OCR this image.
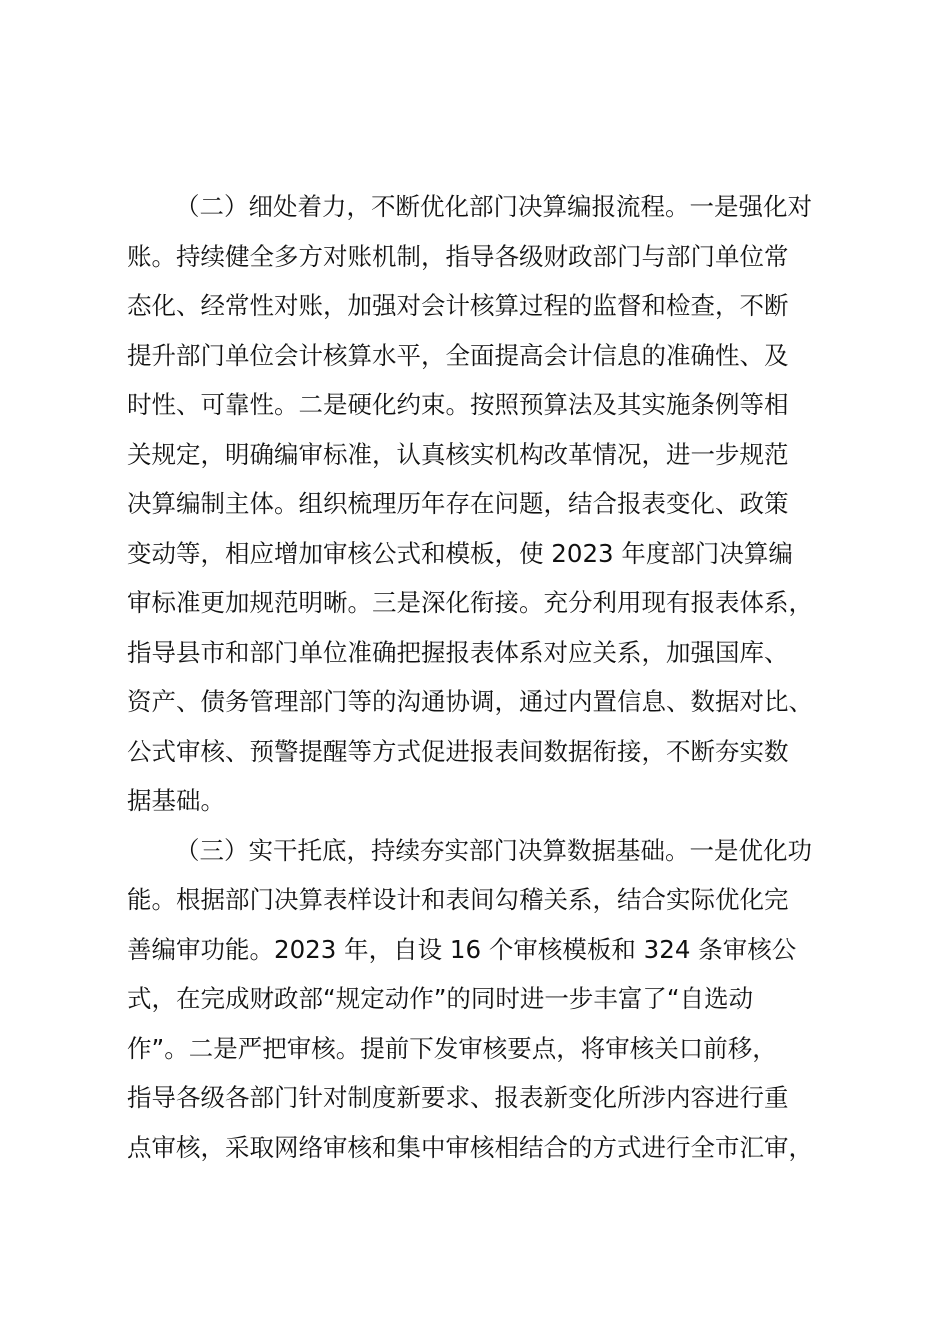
（二）细处着力，不断优化部门决算编报流程。一是强化对
账。持续健全多方对账机制，指导各级财政部门与部门单位常
态化、经常性对账，加强对会计核算过程的监督和检查，不断
提升部门单位会计核算水平，全面提高会计信息的准确性、及
时性、可靠性。二是硬化约束。按照预算法及其实施条例等相
关规定，明确编审标准，认真核实机构改革情况，进一步规范
决算编制主体。组织梳理历年存在问题，结合报表变化、政策
变动等，相应增加审核公式和模板，使 2023 年度部门决算编
审标准更加规范明晰。三是深化衔接。充分利用现有报表体系，
指导县市和部门单位准确把握报表体系对应关系，加强国库、
资产、债务管理部门等的沟通协调，通过内置信息、数据对比、
公式审核、预警提醒等方式促进报表间数据衔接，不断夯实数
据基础。
（三）实干托底，持续夯实部门决算数据基础。一是优化功
能。根据部门决算表样设计和表间勾稽关系，结合实际优化完
善编审功能。2023 年，自设 16 个审核模板和 324 条审核公
式，在完成财政部“规定动作”的同时进一步丰富了“自选动
作”。二是严把审核。提前下发审核要点，将审核关口前移，
指导各级各部门针对制度新要求、报表新变化所涉内容进行重
点审核，采取网络审核和集中审核相结合的方式进行全市汇审，
